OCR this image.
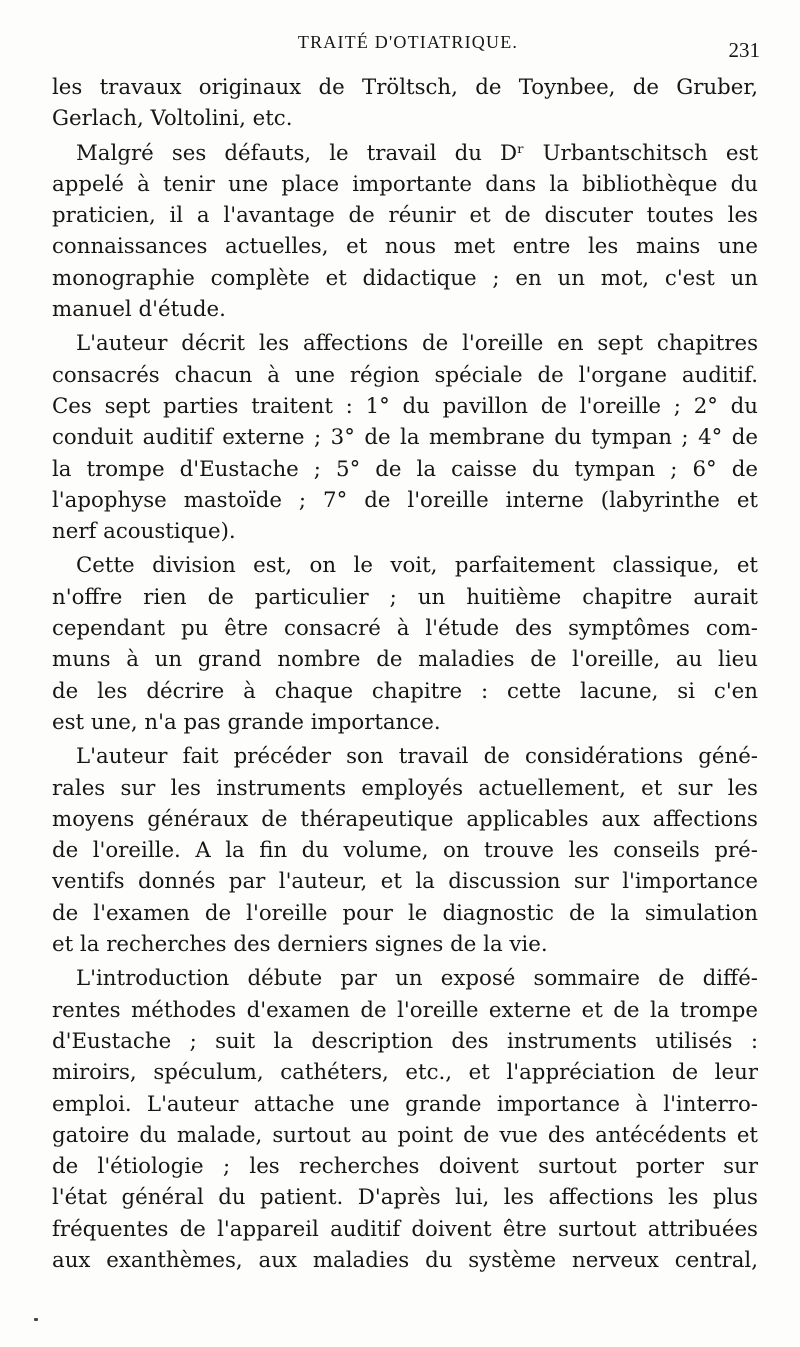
TRAITÉ D'OTIATRIQUE.	231
les travaux originaux de Tröltsch, de Toynbee, de Gruber,
Gerlach, Voltolini, etc.
Malgré ses défauts, le travail du Dʳ Urbantschitsch est
appelé à tenir une place importante dans la bibliothèque du
praticien, il a l'avantage de réunir et de discuter toutes les
connaissances actuelles, et nous met entre les mains une
monographie complète et didactique ; en un mot, c'est un
manuel d'étude.
L'auteur décrit les affections de l'oreille en sept chapitres
consacrés chacun à une région spéciale de l'organe auditif.
Ces sept parties traitent : 1° du pavillon de l'oreille ; 2° du
conduit auditif externe ; 3° de la membrane du tympan ; 4° de
la trompe d'Eustache ; 5° de la caisse du tympan ; 6° de
l'apophyse mastoïde ; 7° de l'oreille interne (labyrinthe et
nerf acoustique).
Cette division est, on le voit, parfaitement classique, et
n'offre rien de particulier ; un huitième chapitre aurait
cependant pu être consacré à l'étude des symptômes com-
muns à un grand nombre de maladies de l'oreille, au lieu
de les décrire à chaque chapitre : cette lacune, si c'en
est une, n'a pas grande importance.
L'auteur fait précéder son travail de considérations géné-
rales sur les instruments employés actuellement, et sur les
moyens généraux de thérapeutique applicables aux affections
de l'oreille. A la fin du volume, on trouve les conseils pré-
ventifs donnés par l'auteur, et la discussion sur l'importance
de l'examen de l'oreille pour le diagnostic de la simulation
et la recherches des derniers signes de la vie.
L'introduction débute par un exposé sommaire de diffé-
rentes méthodes d'examen de l'oreille externe et de la trompe
d'Eustache ; suit la description des instruments utilisés :
miroirs, spéculum, cathéters, etc., et l'appréciation de leur
emploi. L'auteur attache une grande importance à l'interro-
gatoire du malade, surtout au point de vue des antécédents et
de l'étiologie ; les recherches doivent surtout porter sur
l'état général du patient. D'après lui, les affections les plus
fréquentes de l'appareil auditif doivent être surtout attribuées
aux exanthèmes, aux maladies du système nerveux central,
